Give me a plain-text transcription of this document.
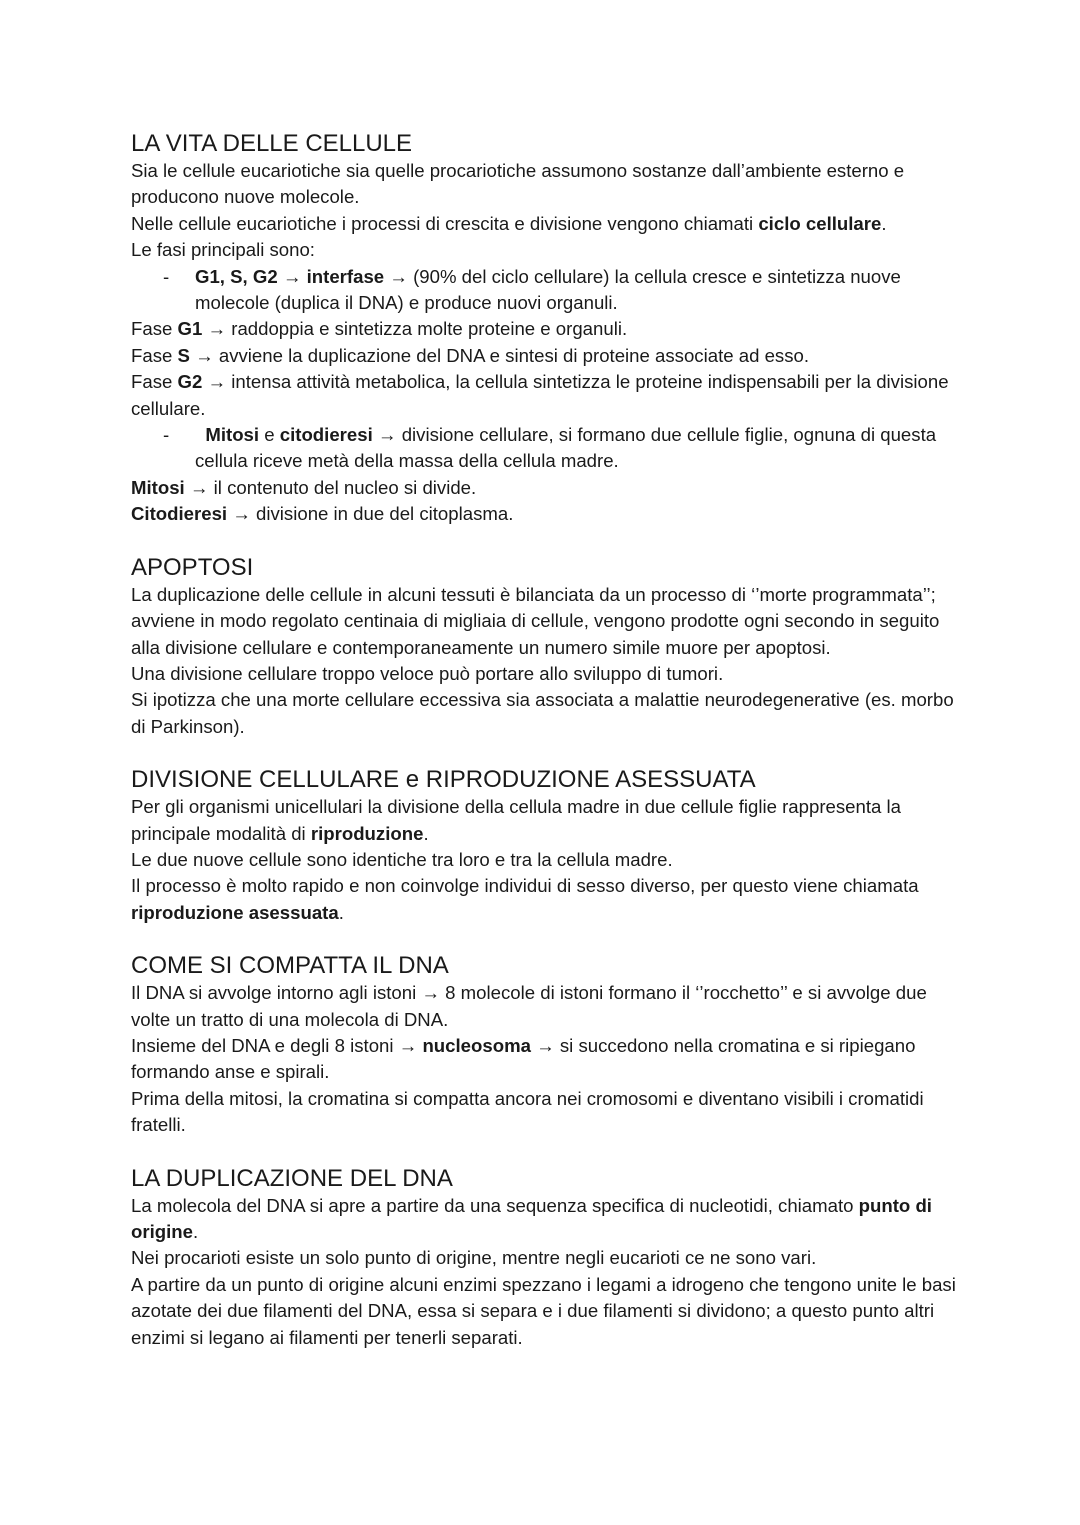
LA VITA DELLE CELLULE

Sia le cellule eucariotiche sia quelle procariotiche assumono sostanze dall’ambiente esterno e producono nuove molecole.

Nelle cellule eucariotiche i processi di crescita e divisione vengono chiamati ciclo cellulare.

Le fasi principali sono:

- G1, S, G2 → interfase → (90% del ciclo cellulare) la cellula cresce e sintetizza nuove molecole (duplica il DNA) e produce nuovi organuli.

Fase G1 → raddoppia e sintetizza molte proteine e organuli.

Fase S → avviene la duplicazione del DNA e sintesi di proteine associate ad esso.

Fase G2 → intensa attività metabolica, la cellula sintetizza le proteine indispensabili per la divisione cellulare.

- Mitosi e citodieresi → divisione cellulare, si formano due cellule figlie, ognuna di questa cellula riceve metà della massa della cellula madre.

Mitosi → il contenuto del nucleo si divide.

Citodieresi → divisione in due del citoplasma.

APOPTOSI

La duplicazione delle cellule in alcuni tessuti è bilanciata da un processo di ‘’morte programmata’’; avviene in modo regolato centinaia di migliaia di cellule, vengono prodotte ogni secondo in seguito alla divisione cellulare e contemporaneamente un numero simile muore per apoptosi.

Una divisione cellulare troppo veloce può portare allo sviluppo di tumori.

Si ipotizza che una morte cellulare eccessiva sia associata a malattie neurodegenerative (es. morbo di Parkinson).

DIVISIONE CELLULARE e RIPRODUZIONE ASESSUATA

Per gli organismi unicellulari la divisione della cellula madre in due cellule figlie rappresenta la principale modalità di riproduzione.

Le due nuove cellule sono identiche tra loro e tra la cellula madre.

Il processo è molto rapido e non coinvolge individui di sesso diverso, per questo viene chiamata riproduzione asessuata.

COME SI COMPATTA IL DNA

Il DNA si avvolge intorno agli istoni → 8 molecole di istoni formano il ‘’rocchetto’’ e si avvolge due volte un tratto di una molecola di DNA.

Insieme del DNA e degli 8 istoni → nucleosoma → si succedono nella cromatina e si ripiegano formando anse e spirali.

Prima della mitosi, la cromatina si compatta ancora nei cromosomi e diventano visibili i cromatidi fratelli.

LA DUPLICAZIONE DEL DNA

La molecola del DNA si apre a partire da una sequenza specifica di nucleotidi, chiamato punto di origine.

Nei procarioti esiste un solo punto di origine, mentre negli eucarioti ce ne sono vari.

A partire da un punto di origine alcuni enzimi spezzano i legami a idrogeno che tengono unite le basi azotate dei due filamenti del DNA, essa si separa e i due filamenti si dividono; a questo punto altri enzimi si legano ai filamenti per tenerli separati.
